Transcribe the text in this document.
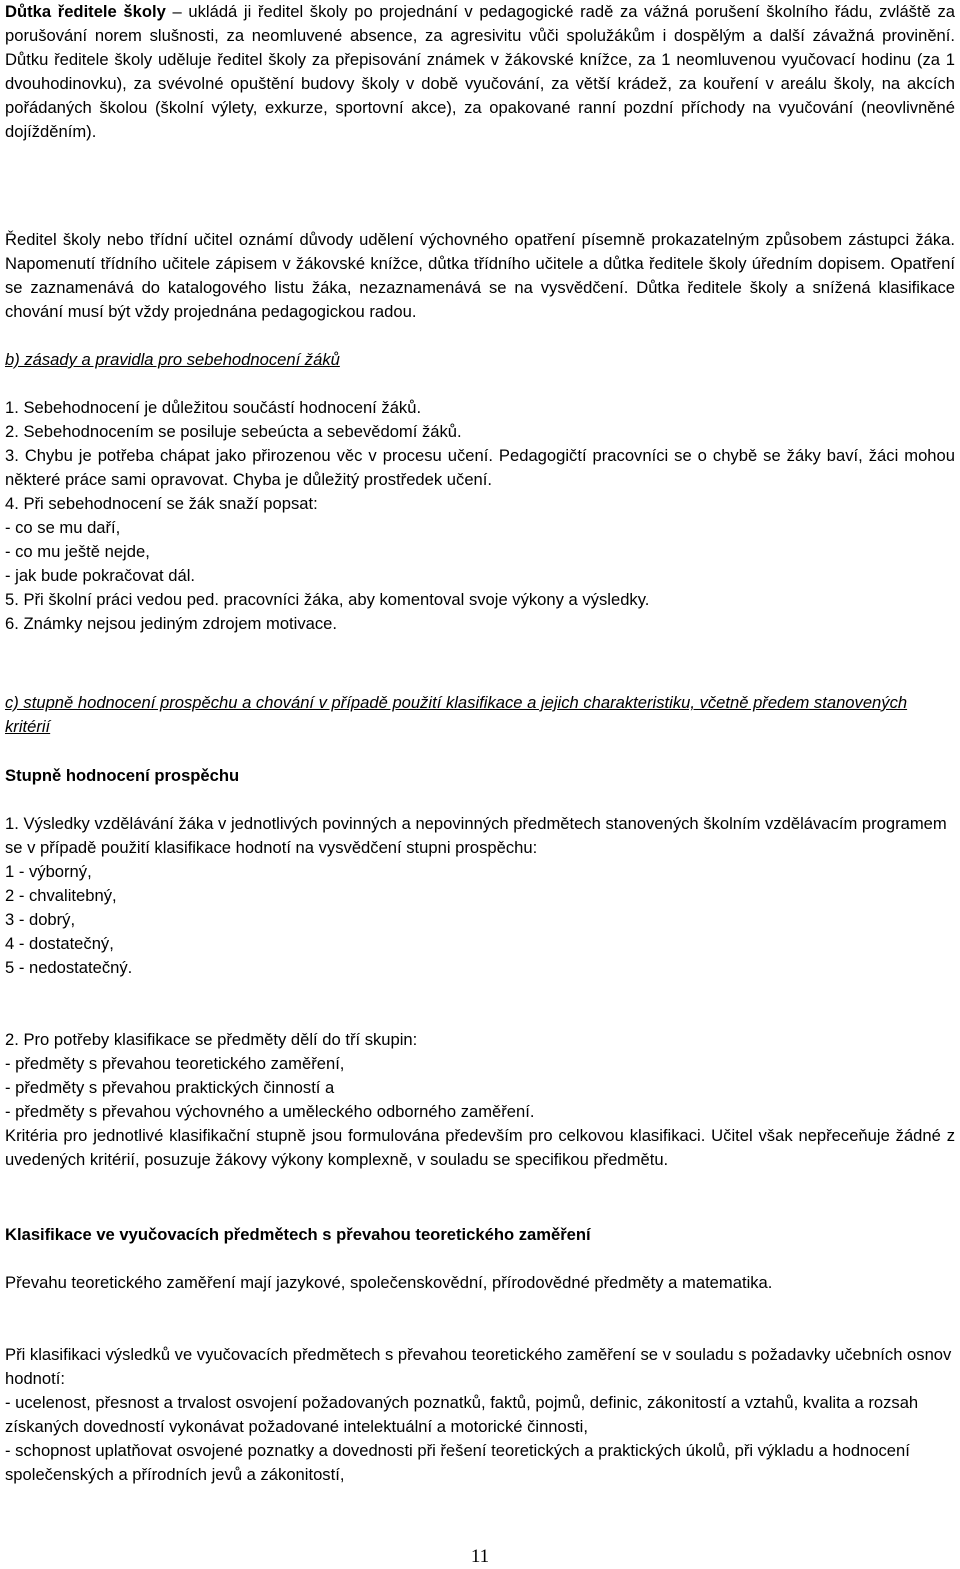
Důtka ředitele školy – ukládá ji ředitel školy po projednání v pedagogické radě za vážná porušení školního řádu, zvláště za porušování norem slušnosti, za neomluvené absence, za agresivitu vůči spolužákům i dospělým a další závažná provinění. Důtku ředitele školy uděluje ředitel školy za přepisování známek v žákovské knížce, za 1 neomluvenou vyučovací hodinu (za 1 dvouhodinovku), za svévolné opuštění budovy školy v době vyučování, za větší krádež, za kouření v areálu školy, na akcích pořádaných školou (školní výlety, exkurze, sportovní akce), za opakované ranní pozdní příchody na vyučování (neovlivněné dojížděním).
Ředitel školy nebo třídní učitel oznámí důvody udělení výchovného opatření písemně prokazatelným způsobem zástupci žáka. Napomenutí třídního učitele zápisem v žákovské knížce, důtka třídního učitele a důtka ředitele školy úředním dopisem. Opatření se zaznamenává do katalogového listu žáka, nezaznamenává se na vysvědčení. Důtka ředitele školy a snížená klasifikace chování musí být vždy projednána pedagogickou radou.
b) zásady a pravidla pro sebehodnocení žáků
1. Sebehodnocení je důležitou součástí hodnocení žáků.
2. Sebehodnocením se posiluje sebeúcta a sebevědomí žáků.
3. Chybu je potřeba chápat jako přirozenou věc v procesu učení. Pedagogičtí pracovníci se o chybě se žáky baví, žáci mohou některé práce sami opravovat. Chyba je důležitý prostředek učení.
4. Při sebehodnocení se žák snaží popsat:
- co se mu daří,
- co mu ještě nejde,
- jak bude pokračovat dál.
5. Při školní práci vedou ped. pracovníci žáka, aby komentoval svoje výkony a výsledky.
6. Známky nejsou jediným zdrojem motivace.
c) stupně hodnocení prospěchu a chování v případě použití klasifikace a jejich charakteristiku, včetně předem stanovených kritérií
Stupně hodnocení prospěchu
1. Výsledky vzdělávání žáka v jednotlivých povinných a nepovinných předmětech stanovených školním vzdělávacím programem se v případě použití klasifikace hodnotí na vysvědčení stupni prospěchu:
1 - výborný,
2 - chvalitebný,
3 - dobrý,
4 - dostatečný,
5 - nedostatečný.
2. Pro potřeby klasifikace se předměty dělí do tří skupin:
- předměty s převahou teoretického zaměření,
- předměty s převahou praktických činností a
- předměty s převahou výchovného a uměleckého odborného zaměření.
Kritéria pro jednotlivé klasifikační stupně jsou formulována především pro celkovou klasifikaci. Učitel však nepřeceňuje žádné z uvedených kritérií, posuzuje žákovy výkony komplexně, v souladu se specifikou předmětu.
Klasifikace ve vyučovacích předmětech s převahou teoretického zaměření
Převahu teoretického zaměření mají jazykové, společenskovědní, přírodovědné předměty a matematika.
Při klasifikaci výsledků ve vyučovacích předmětech s převahou teoretického zaměření se v souladu s požadavky učebních osnov hodnotí:
- ucelenost, přesnost a trvalost osvojení požadovaných poznatků, faktů, pojmů, definic, zákonitostí a vztahů, kvalita a rozsah získaných dovedností vykonávat požadované intelektuální a motorické činnosti,
- schopnost uplatňovat osvojené poznatky a dovednosti při řešení teoretických a praktických úkolů, při výkladu a hodnocení společenských a přírodních jevů a zákonitostí,
11
